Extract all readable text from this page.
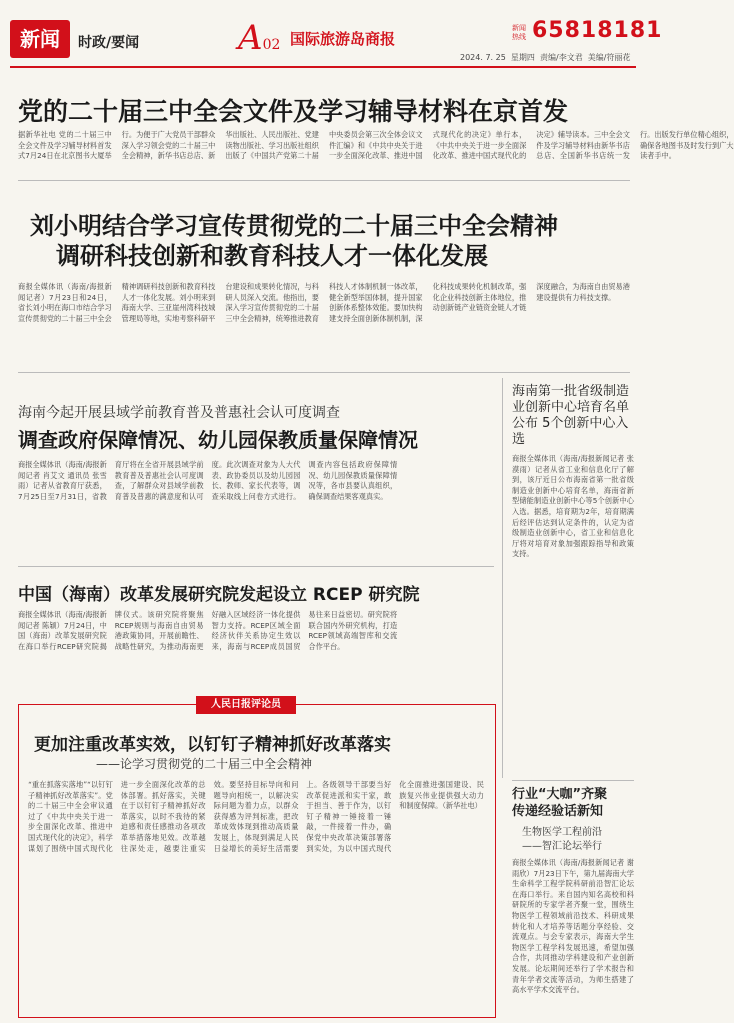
新闻	时政/要闻	A02 国际旅游岛商报
新闻热线 65818181
2024. 7. 25 星期四 责编/李文君 美编/符丽花
党的二十届三中全会文件及学习辅导材料在京首发
据新华社电 党的二十届三中全会文件及学习辅导材料首发式7月24日在北京图书大厦举行。为便于广大党员干部群众深入学习领会党的二十届三中全会精神，新华书店总店、新华出版社、人民出版社、党建读物出版社、学习出版社组织出版了《中国共产党第二十届中央委员会第三次全体会议文件汇编》和《中共中央关于进一步全面深化改革、推进中国式现代化的决定》单行本，《中共中央关于进一步全面深化改革、推进中国式现代化的决定》辅导读本。三中全会文件及学习辅导材料由新华书店总店、全国新华书店统一发行。出版发行单位精心组织，确保各地图书及时发行到广大读者手中。
刘小明结合学习宣传贯彻党的二十届三中全会精神
调研科技创新和教育科技人才一体化发展
商报全媒体讯（海南/海报新闻记者）7月23日和24日，省长刘小明在海口市结合学习宣传贯彻党的二十届三中全会精神调研科技创新和教育科技人才一体化发展。刘小明来到海南大学、三亚崖州湾科技城管理局等地，实地考察科研平台建设和成果转化情况，与科研人员深入交流。他指出，要深入学习宣传贯彻党的二十届三中全会精神，统筹推进教育科技人才体制机制一体改革，健全新型举国体制，提升国家创新体系整体效能。要加快构建支持全面创新体制机制，深化科技成果转化机制改革，强化企业科技创新主体地位，推动创新链产业链资金链人才链深度融合，为海南自由贸易港建设提供有力科技支撑。
海南今起开展县域学前教育普及普惠社会认可度调查
调查政府保障情况、幼儿园保教质量保障情况
商报全媒体讯（海南/海报新闻记者 肖艾文 通讯员 张雪雨）记者从省教育厅获悉，7月25日至7月31日，省教育厅将在全省开展县域学前教育普及普惠社会认可度调查，了解群众对县域学前教育普及普惠的满意度和认可度。此次调查对象为人大代表、政协委员以及幼儿园园长、教师、家长代表等，调查采取线上问卷方式进行。调查内容包括政府保障情况、幼儿园保教质量保障情况等，各市县要认真组织，确保调查结果客观真实。
海南第一批省级制造业创新中心培育名单公布 5个创新中心入选
商报全媒体讯（海南/海报新闻记者 张漠雨）记者从省工业和信息化厅了解到，该厅近日公布海南省第一批省级制造业创新中心培育名单，海南省新型储能制造业创新中心等5个创新中心入选。据悉，培育期为2年，培育期满后经评估达到认定条件的，认定为省级制造业创新中心，省工业和信息化厅将对培育对象加强跟踪指导和政策支持。
中国（海南）改革发展研究院发起设立 RCEP 研究院
商报全媒体讯（海南/海报新闻记者 陈颖）7月24日，中国（海南）改革发展研究院在海口举行RCEP研究院揭牌仪式。该研究院将聚焦RCEP规则与海南自由贸易港政策协同，开展前瞻性、战略性研究，为推动海南更好融入区域经济一体化提供智力支持。RCEP区域全面经济伙伴关系协定生效以来，海南与RCEP成员国贸易往来日益密切。研究院将联合国内外研究机构，打造RCEP领域高端智库和交流合作平台。
人民日报评论员
更加注重改革实效，以钉钉子精神抓好改革落实
——论学习贯彻党的二十届三中全会精神
“重在抓落实落地”“以钉钉子精神抓好改革落实”。党的二十届三中全会审议通过了《中共中央关于进一步全面深化改革、推进中国式现代化的决定》，科学谋划了围绕中国式现代化进一步全面深化改革的总体部署。抓好落实，关键在于以钉钉子精神抓好改革落实，以时不我待的紧迫感和责任感推动各项改革举措落地见效。改革越往深处走，越要注重实效。要坚持目标导向和问题导向相统一，以解决实际问题为着力点，以群众获得感为评判标准，把改革成效体现到推动高质量发展上，体现到满足人民日益增长的美好生活需要上。各级领导干部要当好改革促进派和实干家，敢于担当、善于作为，以钉钉子精神一锤接着一锤敲，一件接着一件办，确保党中央改革决策部署落到实处，为以中国式现代化全面推进强国建设、民族复兴伟业提供强大动力和制度保障。（新华社电）
行业“大咖”齐聚
传递经验话新知
生物医学工程前沿
——智汇论坛举行
商报全媒体讯（海南/海报新闻记者 谢雨欣）7月23日下午，第九届海南大学生命科学工程学院科研前沿智汇论坛在海口举行。来自国内知名高校和科研院所的专家学者齐聚一堂，围绕生物医学工程领域前沿技术、科研成果转化和人才培养等话题分享经验、交流观点。与会专家表示，海南大学生物医学工程学科发展迅速，希望加强合作，共同推动学科建设和产业创新发展。论坛期间还举行了学术报告和青年学者交流等活动，为师生搭建了高水平学术交流平台。
